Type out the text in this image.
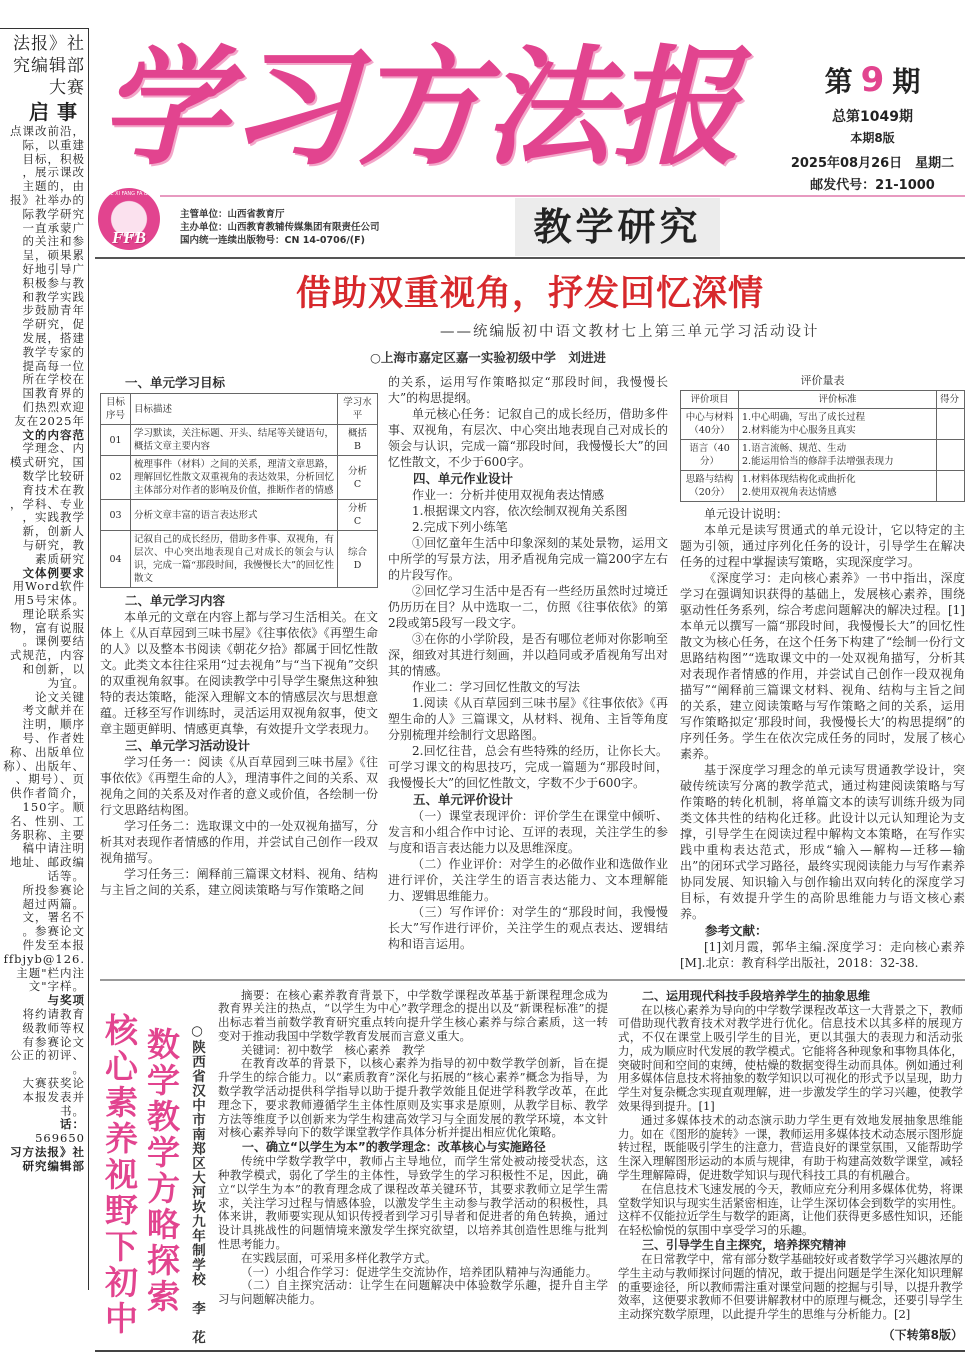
法报》社
究编辑部
大赛
启事
点课改前沿，
际，以重建
目标，积极
，展示课改
主题的，由
报》社举办的
际教学研究
一直承蒙广
的关注和参
呈，硕果累
好地引导广
积极参与教
和教学实践
步鼓励青年
学研究，促
发展，搭建
教学专家的
提高每一位
所在学校在
国教育界的
们热烈欢迎
友在2025年
文的内容范
学理念、内
模式研究，国
数学比较研
育技术在教
，学科、专业
，实践教学
新，创新人
与研究，教
素质研究
文体例要求
用Word软件
用5号宋体。
理论联系实
物，富有说服
。课例要结
式规范，内容
和创新，以
为宜。
论文关键
考文献并在
注明，顺序
号、作者姓
称、出版单位
称）、出版年、
、期号）、页
供作者简介，
150字。顺
名、性别、工
务职称、主要
稿中请注明
地址、邮政编
话等。
所投参赛论
超过两篇。
文，署名不
。参赛论文
件发至本报
ffbjyb@126.
主题"栏内注
文"字样。
与奖项
将约请教育
级教师等权
有参赛论文
公正的初评、
。
大赛获奖论
本报发表并
书。
话：
569650
习方法报》社
研究编辑部
学习方法报	第 9 期
总第1049期
本期8版
2025年08月26日　星期二
邮发代号：21-1000
XUE XI FANG FA BAO
FFB
主管单位：山西省教育厅
主办单位：山西教育教辅传媒集团有限责任公司
国内统一连续出版物号：CN 14-0706/(F)	教学研究
借助双重视角，抒发回忆深情
——统编版初中语文教材七上第三单元学习活动设计
○上海市嘉定区嘉一实验初级中学　刘进进
一、单元学习目标
目标序号	目标描述	学习水平
01	学习默读，关注标题、开头、结尾等关键语句，概括文章主要内容	概括
B

02	梳理事件（材料）之间的关系，理清文章思路，理解回忆性散文双重视角的表达效果，分析回忆主体部分对作者的影响及价值，推断作者的情感	分析
C

03	分析文章丰富的语言表达形式	分析
C

04	记叙自己的成长经历，借助多件事、双视角，有层次、中心突出地表现自己对成长的领会与认识，完成一篇“那段时间，我慢慢长大”的回忆性散文	综合
D
二、单元学习内容

本单元的文章在内容上都与学习生活相关。在文体上《从百草园到三味书屋》《往事依依》《再塑生命的人》以及整本书阅读《朝花夕拾》都属于回忆性散文。此类文本往往采用“过去视角”与“当下视角”交织的双重视角叙事。在阅读教学中引导学生聚焦这种独特的表达策略，能深入理解文本的情感层次与思想意蕴。迁移至写作训练时，灵活运用双视角叙事，使文章主题更鲜明、情感更真挚，有效提升文学表现力。

三、单元学习活动设计

学习任务一：阅读《从百草园到三味书屋》《往事依依》《再塑生命的人》，理清事件之间的关系、双视角之间的关系及对作者的意义或价值，各绘制一份行文思路结构图。

学习任务二：选取课文中的一处双视角描写，分析其对表现作者情感的作用，并尝试自己创作一段双视角描写。

学习任务三：阐释前三篇课文材料、视角、结构与主旨之间的关系，建立阅读策略与写作策略之间

的关系，运用写作策略拟定“那段时间，我慢慢长大”的构思提纲。

单元核心任务：记叙自己的成长经历，借助多件事、双视角，有层次、中心突出地表现自己对成长的领会与认识，完成一篇“那段时间，我慢慢长大”的回忆性散文，不少于600字。

四、单元作业设计

作业一：分析并使用双视角表达情感

1.根据课文内容，依次绘制双视角关系图

2.完成下列小练笔

①回忆童年生活中印象深刻的某处景物，运用文中所学的写景方法，用矛盾视角完成一篇200字左右的片段写作。

②回忆学习生活中是否有一些经历虽然时过境迁仍历历在目？从中选取一二，仿照《往事依依》的第2段或第5段写一段文字。

③在你的小学阶段，是否有哪位老师对你影响至深，细致对其进行刻画，并以趋同或矛盾视角写出对其的情感。

作业二：学习回忆性散文的写法

1.阅读《从百草园到三味书屋》《往事依依》《再塑生命的人》三篇课文，从材料、视角、主旨等角度分别梳理并绘制行文思路图。

2.回忆往昔，总会有些特殊的经历，让你长大。可学习课文的构思技巧，完成一篇题为“那段时间，我慢慢长大”的回忆性散文，字数不少于600字。

五、单元评价设计

（一）课堂表现评价：评价学生在课堂中倾听、发言和小组合作中讨论、互评的表现，关注学生的参与度和语言表达能力以及思维深度。

（二）作业评价：对学生的必做作业和选做作业进行评价，关注学生的语言表达能力、文本理解能力、逻辑思维能力。

（三）写作评价：对学生的“那段时间，我慢慢长大”写作进行评价，关注学生的观点表达、逻辑结构和语言运用。

评价量表
评价项目	评价标准	得分
中心与材料（40分）	1.中心明确，写出了成长过程
2.材料能为中心服务且真实	

语言（40分）	1.语言流畅、规范、生动
2.能运用恰当的修辞手法增强表现力	

思路与结构（20分）	1.材料体现结构化或曲折化
2.使用双视角表达情感	

单元设计说明：

本单元是读写贯通式的单元设计，它以特定的主题为引领，通过序列化任务的设计，引导学生在解决任务的过程中掌握读写策略，实现深度学习。

《深度学习：走向核心素养》一书中指出，深度学习在强调知识获得的基础上，发展核心素养，围绕驱动性任务系列，综合考虑问题解决的解决过程。[1]本单元以撰写一篇“那段时间，我慢慢长大”的回忆性散文为核心任务，在这个任务下构建了“绘制一份行文思路结构图”“选取课文中的一处双视角描写，分析其对表现作者情感的作用，并尝试自己创作一段双视角描写”“阐释前三篇课文材料、视角、结构与主旨之间的关系，建立阅读策略与写作策略之间的关系，运用写作策略拟定‘那段时间，我慢慢长大’的构思提纲”的序列任务。学生在依次完成任务的同时，发展了核心素养。

基于深度学习理念的单元读写贯通教学设计，突破传统读写分离的教学范式，通过构建阅读策略与写作策略的转化机制，将单篇文本的读写训练升级为同类文体共性的结构化迁移。此设计以元认知理论为支撑，引导学生在阅读过程中解构文本策略，在写作实践中重构表达范式，形成“输入—解构—迁移—输出”的闭环式学习路径，最终实现阅读能力与写作素养协同发展、知识输入与创作输出双向转化的深度学习目标，有效提升学生的高阶思维能力与语文核心素养。

参考文献：

[1]刘月霞，郭华主编.深度学习：走向核心素养[M].北京：教育科学出版社，2018：32-38.

核心素养视野下初中 数学教学方略探索 ○陕西省汉中市南郑区大河坎九年制学校　李　花

摘要：在核心素养教育背景下，中学数学课程改革基于新课程理念成为教育界关注的热点，“以学生为中心”教学理念的提出以及“新课程标准”的提出标志着当前数学教育研究重点转向提升学生核心素养与综合素质，这一转变对于推动我国中学数学教育发展而言意义重大。

关键词：初中数学　核心素养　教学

在教育改革的背景下，以核心素养为指导的初中数学教学创新，旨在提升学生的综合能力。以“素质教育”深化与拓展的“核心素养”概念为指导，为数学教学活动提供科学指导以助于提升教学效能且促进学科教学改革，在此理念下，要求教师遵循学生主体性原则及实事求是原则，从教学目标、教学方法等维度予以创新来为学生构建高效学习与全面发展的教学环境，本文针对核心素养导向下的数学课堂教学作具体分析并提出相应优化策略。

一、确立“以学生为本”的教学理念：改革核心与实施路径

传统中学数学教学中，教师占主导地位，而学生常处被动接受状态，这种教学模式，弱化了学生的主体性，导致学生的学习积极性不足，因此，确立“以学生为本”的教育理念成了课程改革关键环节，其要求教师立足学生需求，关注学习过程与情感体验，以激发学生主动参与教学活动的积极性，具体来讲，教师要实现从知识传授者到学习引导者和促进者的角色转换，通过设计具挑战性的问题情境来激发学生探究欲望，以培养其创造性思维与批判性思考能力。

在实践层面，可采用多样化教学方式。

（一）小组合作学习：促进学生交流协作，培养团队精神与沟通能力。

（二）自主探究活动：让学生在问题解决中体验数学乐趣，提升自主学习与问题解决能力。

二、运用现代科技手段培养学生的抽象思维

在以核心素养为导向的中学数学课程改革这一大背景之下，教师可借助现代教育技术对教学进行优化。信息技术以其多样的展现方式，不仅在课堂上吸引学生的目光，更以其强大的表现力和活动张力，成为顺应时代发展的教学模式。它能将各种现象和事物具体化，突破时间和空间的束缚，使枯燥的数据变得生动而具体。例如通过利用多媒体信息技术将抽象的数学知识以可视化的形式予以呈现，助力学生对复杂概念实现直观理解，进一步激发学生的学习兴趣，使教学效果得到提升。[1]

通过多媒体技术的动态演示助力学生更有效地发展抽象思维能力。如在《图形的旋转》一课，教师运用多媒体技术动态展示图形旋转过程，既能吸引学生的注意力，营造良好的课堂氛围，又能帮助学生深入理解图形运动的本质与规律，有助于构建高效数学课堂，减轻学生理解障碍，促进数学知识与现代科技工具的有机融合。

在信息技术飞速发展的今天，教师应充分利用多媒体优势，将课堂数学知识与现实生活紧密相连，让学生深切体会到数学的实用性。这样不仅能拉近学生与数学的距离，让他们获得更多感性知识，还能在轻松愉悦的氛围中享受学习的乐趣。

三、引导学生自主探究，培养探究精神

在日常教学中，常有部分数学基础较好或者数学学习兴趣浓厚的学生主动与教师探讨问题的情况，敢于提出问题是学生深化知识理解的重要途径，所以教师需注重对课堂问题的挖掘与引导，以提升教学效率，这便要求教师不但要讲解教材中的原理与概念，还要引导学生主动探究数学原理，以此提升学生的思维与分析能力。[2]

（下转第8版）
